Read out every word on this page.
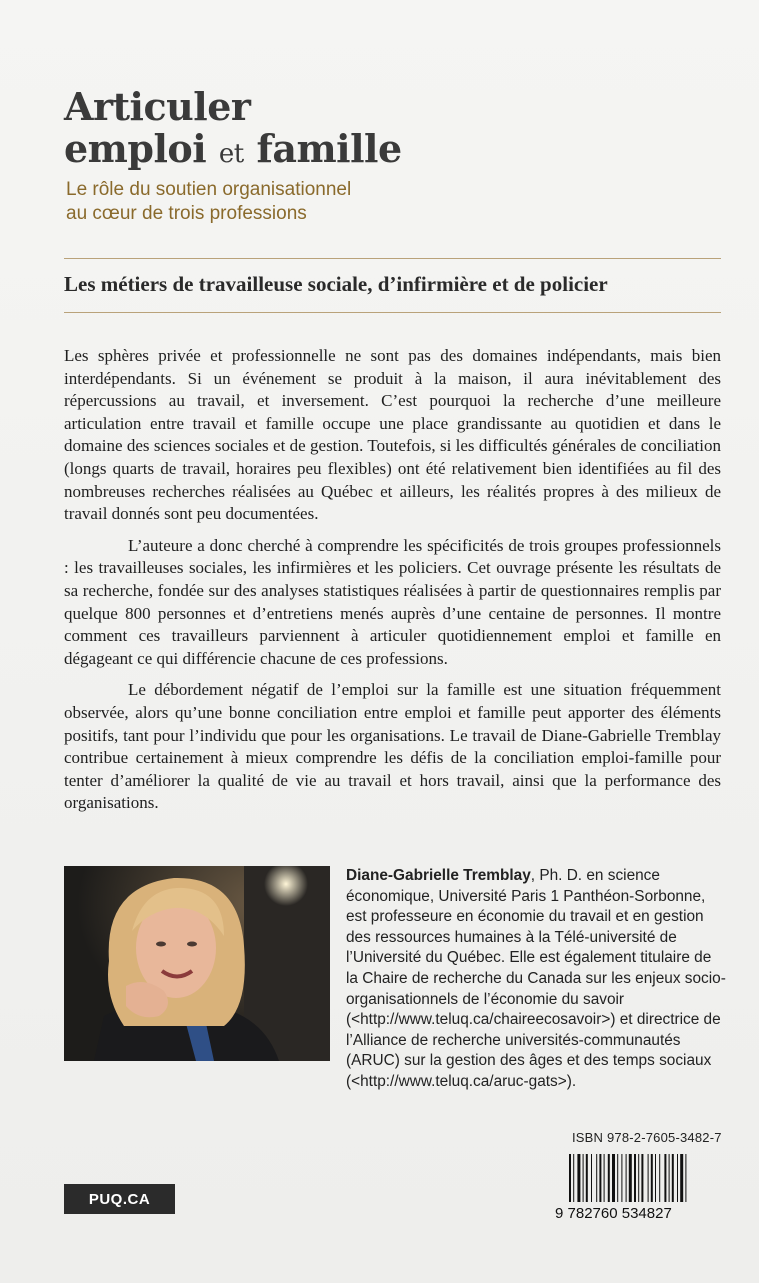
Articuler
emploi et famille
Le rôle du soutien organisationnel
au cœur de trois professions
Les métiers de travailleuse sociale, d’infirmière et de policier

Les sphères privée et professionnelle ne sont pas des domaines indépendants, mais bien interdépendants. Si un événement se produit à la maison, il aura inévitablement des répercussions au travail, et inversement. C’est pourquoi la recherche d’une meilleure articulation entre travail et famille occupe une place grandissante au quotidien et dans le domaine des sciences sociales et de gestion. Toutefois, si les difficultés générales de conciliation (longs quarts de travail, horaires peu flexibles) ont été relativement bien identifiées au fil des nombreuses recherches réalisées au Québec et ailleurs, les réalités propres à des milieux de travail donnés sont peu documentées.

L’auteure a donc cherché à comprendre les spécificités de trois groupes professionnels : les travailleuses sociales, les infirmières et les policiers. Cet ouvrage présente les résultats de sa recherche, fondée sur des analyses statistiques réalisées à partir de questionnaires remplis par quelque 800 personnes et d’entretiens menés auprès d’une centaine de personnes. Il montre comment ces travailleurs parviennent à articuler quotidiennement emploi et famille en dégageant ce qui différencie chacune de ces professions.

Le débordement négatif de l’emploi sur la famille est une situation fréquemment observée, alors qu’une bonne conciliation entre emploi et famille peut apporter des éléments positifs, tant pour l’individu que pour les organisations. Le travail de Diane-Gabrielle Tremblay contribue certainement à mieux comprendre les défis de la conciliation emploi-famille pour tenter d’améliorer la qualité de vie au travail et hors travail, ainsi que la performance des organisations.

Diane-Gabrielle Tremblay, Ph. D. en science économique, Université Paris 1 Panthéon-Sorbonne, est professeure en économie du travail et en gestion des ressources humaines à la Télé-université de l’Université du Québec. Elle est également titulaire de la Chaire de recherche du Canada sur les enjeux socio-organisationnels de l’économie du savoir (<http://www.teluq.ca/chaireecosavoir>) et directrice de l’Alliance de recherche universités-communautés (ARUC) sur la gestion des âges et des temps sociaux (<http://www.teluq.ca/aruc-gats>).
ISBN 978-2-7605-3482-7
9 782760 534827
PUQ.CA
